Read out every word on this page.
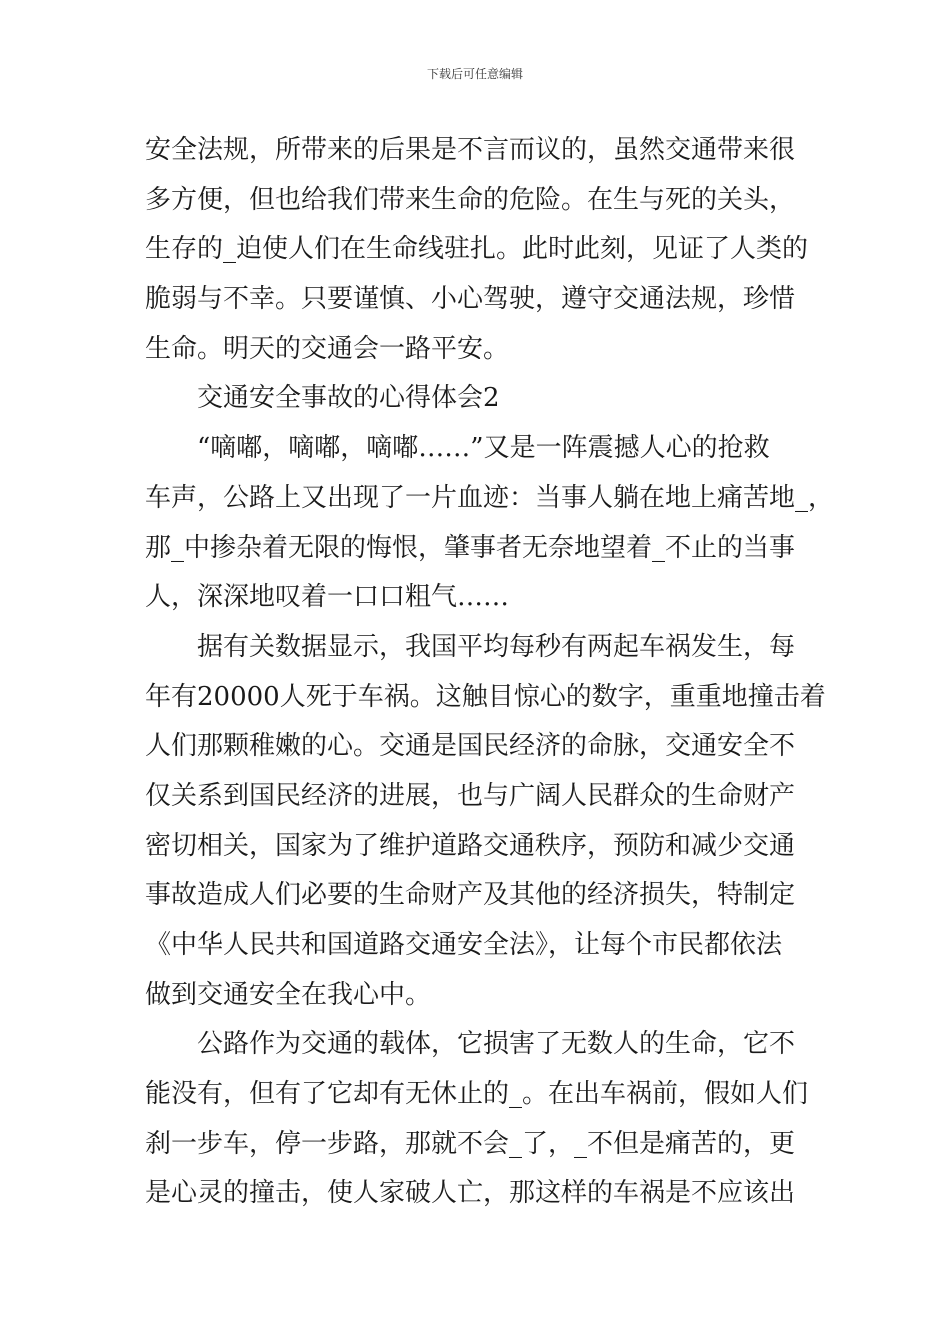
下载后可任意编辑
安全法规，所带来的后果是不言而议的，虽然交通带来很
多方便，但也给我们带来生命的危险。在生与死的关头，
生存的_迫使人们在生命线驻扎。此时此刻，见证了人类的
脆弱与不幸。只要谨慎、小心驾驶，遵守交通法规，珍惜
生命。明天的交通会一路平安。
交通安全事故的心得体会2
“嘀嘟，嘀嘟，嘀嘟……”又是一阵震撼人心的抢救
车声，公路上又出现了一片血迹：当事人躺在地上痛苦地_，
那_中掺杂着无限的悔恨，肇事者无奈地望着_不止的当事
人，深深地叹着一口口粗气……
据有关数据显示，我国平均每秒有两起车祸发生，每
年有20000人死于车祸。这触目惊心的数字，重重地撞击着
人们那颗稚嫩的心。交通是国民经济的命脉，交通安全不
仅关系到国民经济的进展，也与广阔人民群众的生命财产
密切相关，国家为了维护道路交通秩序，预防和减少交通
事故造成人们必要的生命财产及其他的经济损失，特制定
《中华人民共和国道路交通安全法》，让每个市民都依法
做到交通安全在我心中。
公路作为交通的载体，它损害了无数人的生命，它不
能没有，但有了它却有无休止的_。在出车祸前，假如人们
刹一步车，停一步路，那就不会_了，_不但是痛苦的，更
是心灵的撞击，使人家破人亡，那这样的车祸是不应该出
